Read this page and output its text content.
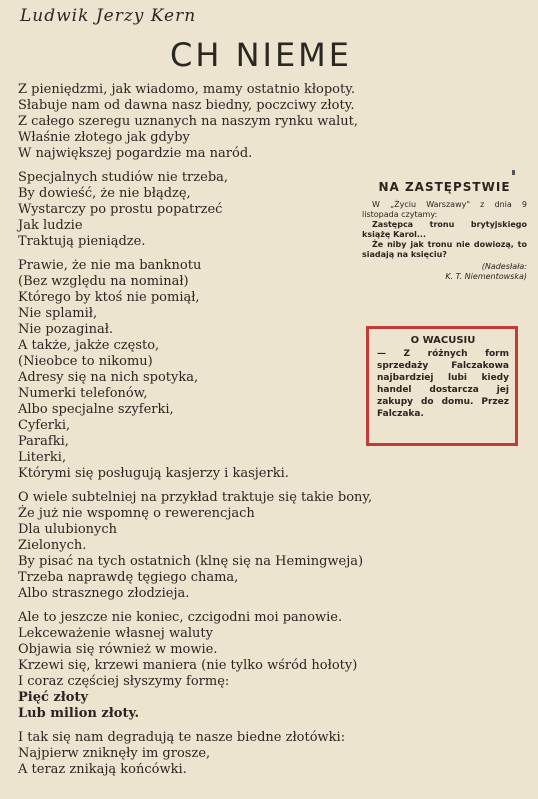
Ludwik Jerzy Kern
CH NIEME
Z pieniędzmi, jak wiadomo, mamy ostatnio kłopoty.
Słabuje nam od dawna nasz biedny, poczciwy złoty.
Z całego szeregu uznanych na naszym rynku walut,
Właśnie złotego jak gdyby
W największej pogardzie ma naród.
Specjalnych studiów nie trzeba,
By dowieść, że nie błądzę,
Wystarczy po prostu popatrzeć
Jak ludzie
Traktują pieniądze.
Prawie, że nie ma banknotu
(Bez względu na nominał)
Którego by ktoś nie pomiął,
Nie splamił,
Nie pozaginał.
A także, jakże często,
(Nieobce to nikomu)
Adresy się na nich spotyka,
Numerki telefonów,
Albo specjalne szyferki,
Cyferki,
Parafki,
Literki,
Którymi się posługują kasjerzy i kasjerki.
O wiele subtelniej na przykład traktuje się takie bony,
Że już nie wspomnę o rewerencjach
Dla ulubionych
Zielonych.
By pisać na tych ostatnich (klnę się na Hemingweja)
Trzeba naprawdę tęgiego chama,
Albo strasznego złodzieja.
Ale to jeszcze nie koniec, czcigodni moi panowie.
Lekceważenie własnej waluty
Objawia się również w mowie.
Krzewi się, krzewi maniera (nie tylko wśród hołoty)
I coraz częściej słyszymy formę:
Pięć złoty
Lub milion złoty.
I tak się nam degradują te nasze biedne złotówki:
Najpierw zniknęły im grosze,
A teraz znikają końcówki.
NA ZASTĘPSTWIE

W „Życiu Warszawy" z dnia 9 listopada czytamy:

Zastępca tronu brytyjskiego książę Karol...

Że niby jak tronu nie dowiozą, to siadają na księciu?

(Nadesłała:
K. T. Niementowska)
O WACUSIU
— Z różnych form sprzedaży Falczakowa najbardziej lubi kiedy handel dostarcza jej zakupy do domu. Przez Falczaka.
